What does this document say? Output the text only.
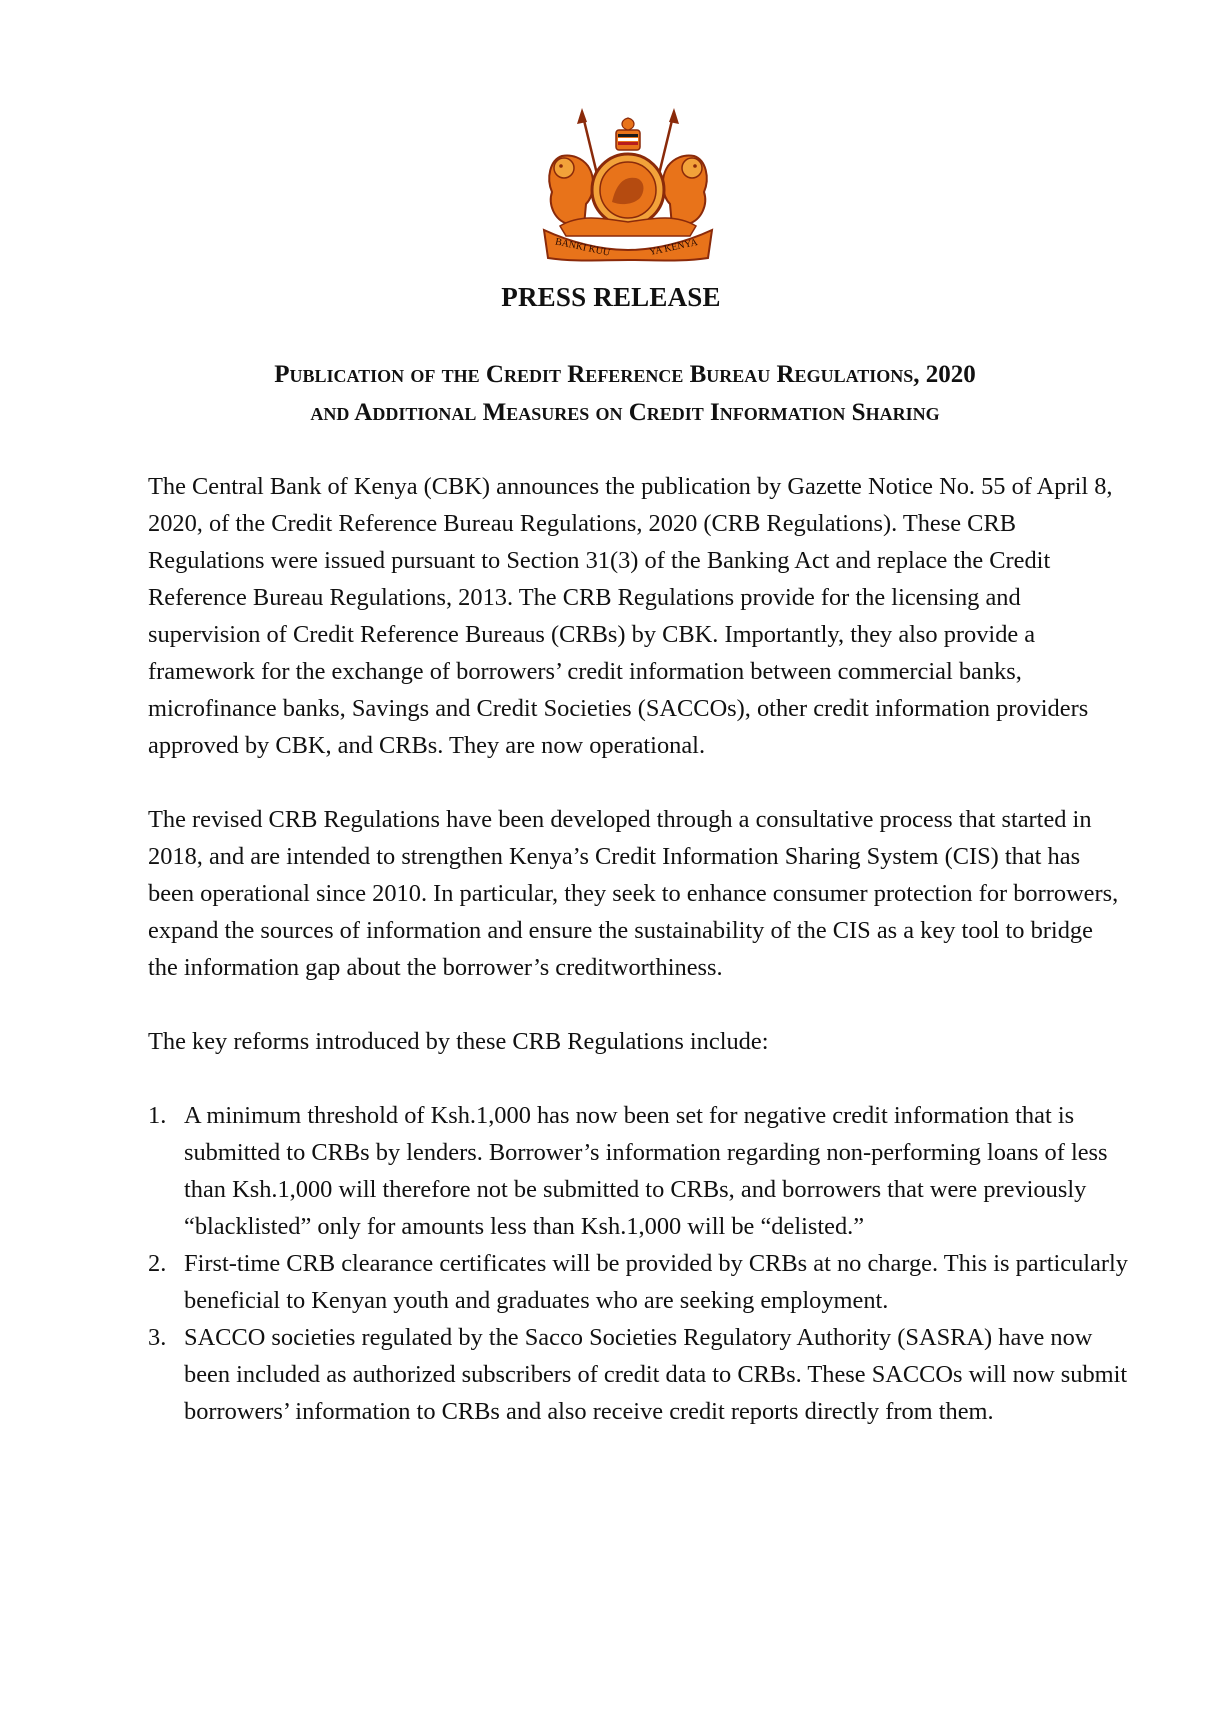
BANKI KUU	YA KENYA
PRESS RELEASE
Publication of the Credit Reference Bureau Regulations, 2020
and Additional Measures on Credit Information Sharing

The Central Bank of Kenya (CBK) announces the publication by Gazette Notice No. 55 of April 8, 2020, of the Credit Reference Bureau Regulations, 2020 (CRB Regulations). These CRB Regulations were issued pursuant to Section 31(3) of the Banking Act and replace the Credit Reference Bureau Regulations, 2013. The CRB Regulations provide for the licensing and supervision of Credit Reference Bureaus (CRBs) by CBK. Importantly, they also provide a framework for the exchange of borrowers’ credit information between commercial banks, microfinance banks, Savings and Credit Societies (SACCOs), other credit information providers approved by CBK, and CRBs. They are now operational.

The revised CRB Regulations have been developed through a consultative process that started in 2018, and are intended to strengthen Kenya’s Credit Information Sharing System (CIS) that has been operational since 2010. In particular, they seek to enhance consumer protection for borrowers, expand the sources of information and ensure the sustainability of the CIS as a key tool to bridge the information gap about the borrower’s creditworthiness.

The key reforms introduced by these CRB Regulations include:

1. A minimum threshold of Ksh.1,000 has now been set for negative credit information that is submitted to CRBs by lenders. Borrower’s information regarding non-performing loans of less than Ksh.1,000 will therefore not be submitted to CRBs, and borrowers that were previously “blacklisted” only for amounts less than Ksh.1,000 will be “delisted.”
2. First-time CRB clearance certificates will be provided by CRBs at no charge. This is particularly beneficial to Kenyan youth and graduates who are seeking employment.
3. SACCO societies regulated by the Sacco Societies Regulatory Authority (SASRA) have now been included as authorized subscribers of credit data to CRBs. These SACCOs will now submit borrowers’ information to CRBs and also receive credit reports directly from them.
